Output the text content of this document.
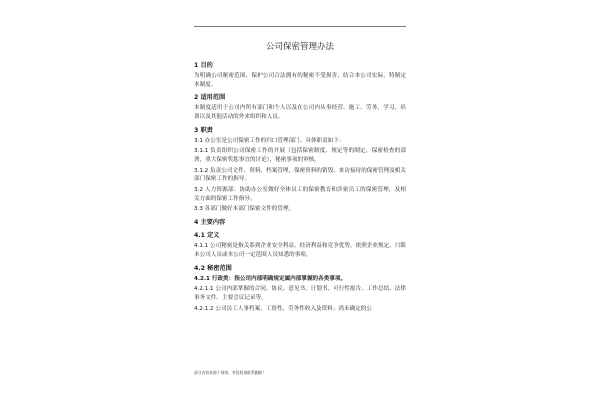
公司保密管理办法
1 目的
为明确公司秘密范围，保护公司合法拥有的秘密不受损害，结合本公司实际，特制定本制度。
2 适用范围
本制度适用于公司内所有部门和个人以及在公司内从事经营、施工、劳务、学习、培训以及其他活动的外来组织和人员。
3 职责
3.1 办公室是公司保密工作的归口管理部门。具体职责如下：
3.1.1 负责组织公司保密工作的开展（包括保密制度、规定等的制定，保密检查的部署，重大保密奖惩事宜的讨论），秘密事项的审核。
3.1.2 负责公司文件、资料、档案管理，保密资料的销毁、来访接待的保密管理及相关部门保密工作的指导。
3.2 人力资源部：协助办公室做好全体员工的保密教育和涉密员工的保密管理，及相关方面的保密工作指导。
3.3 各部门做好本部门保密文件的管理。
4 主要内容
4.1 定义
4.1.1 公司秘密是指关系到企业安全利益、经济利益和竞争优势，依照企业规定，只限本公司人员或本公司一定范围人员知悉的事项。
4.2 秘密范围
4.2.1 行政类：指公司内部明确规定属内部掌握的各类事项。
4.2.1.1 公司内部掌握的合同、协议、意见书、计划书、可行性报告、工作总结、法律事务文件、主要会议记录等。
4.2.1.2 公司员工人事档案、工资性、劳务性收入及资料；尚未确定的公
部分内容来源于网络，有侵权请联系删除！
